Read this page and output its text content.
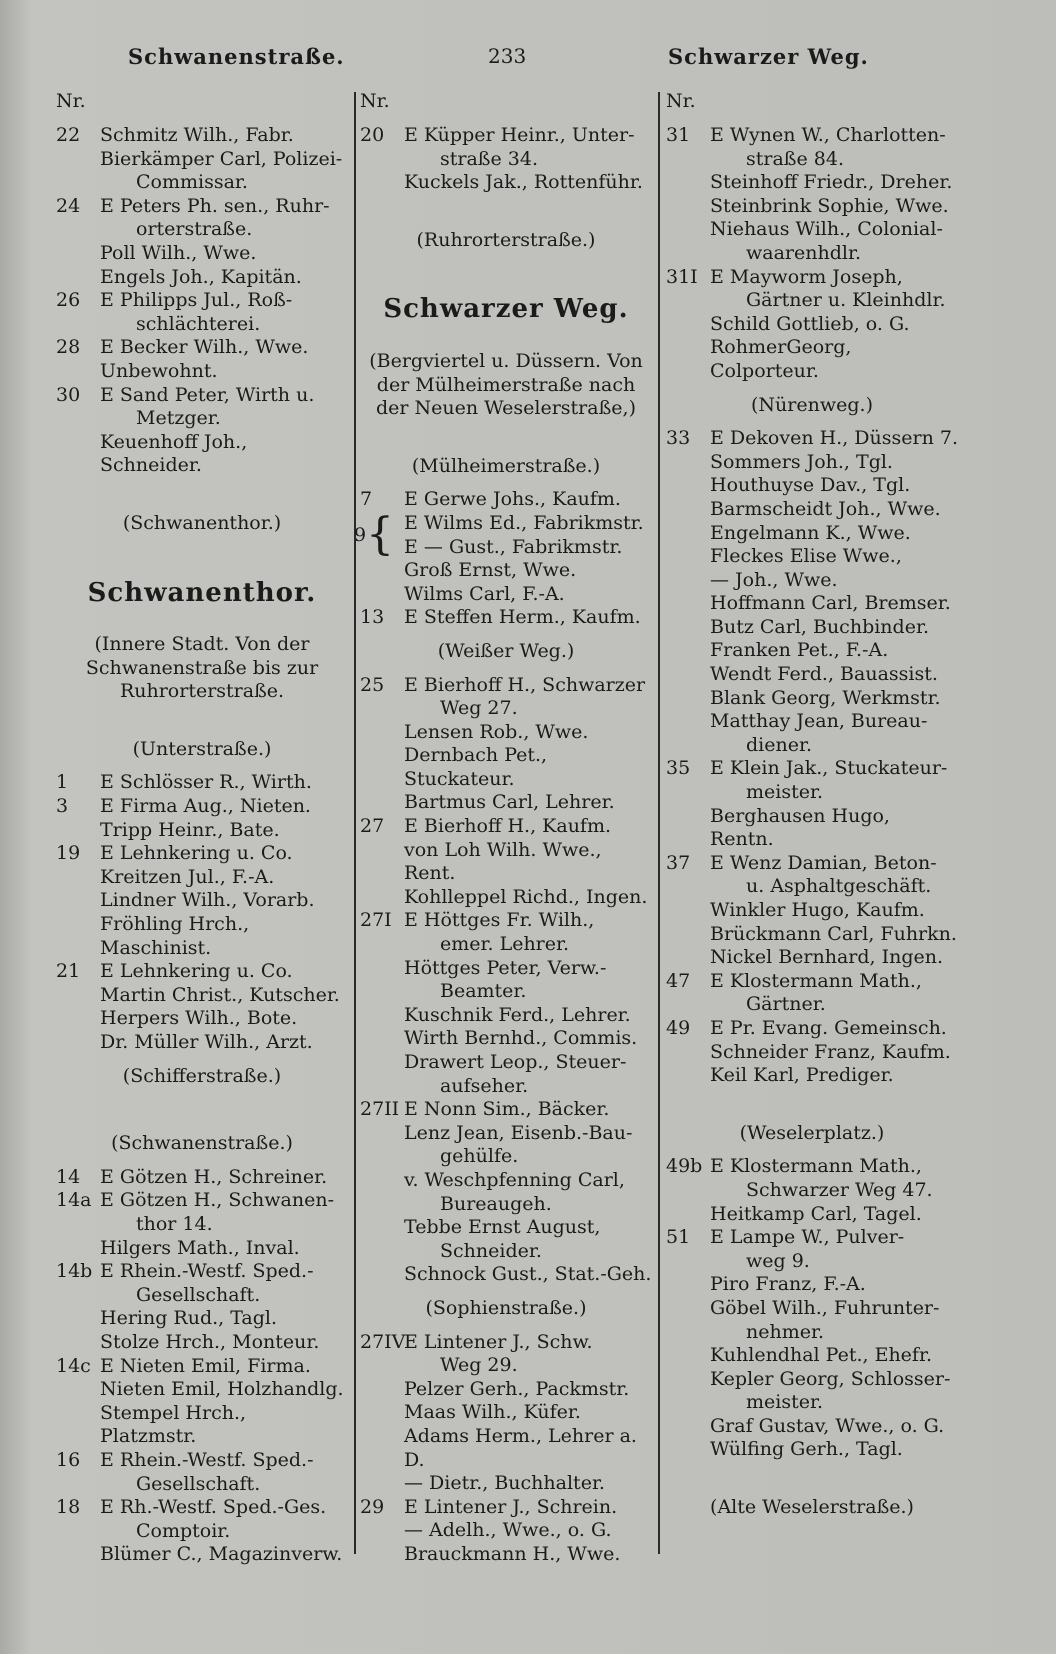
Schwanenstraße.	233	Schwarzer Weg.
Nr.
22 Schmitz Wilh., Fabr.
Bierkämper Carl, Polizei-
Commissar.
24 E Peters Ph. sen., Ruhr-
orterstraße.
Poll Wilh., Wwe.
Engels Joh., Kapitän.
26 E Philipps Jul., Roß-
schlächterei.
28 E Becker Wilh., Wwe.
Unbewohnt.
30 E Sand Peter, Wirth u.
Metzger.
Keuenhoff Joh., Schneider.
(Schwanenthor.)
Schwanenthor.
(Innere Stadt. Von der Schwanenstraße bis zur Ruhrorterstraße.
(Unterstraße.)
1 E Schlösser R., Wirth.
3 E Firma Aug., Nieten.
Tripp Heinr., Bate.
19 E Lehnkering u. Co.
Kreitzen Jul., F.-A.
Lindner Wilh., Vorarb.
Fröhling Hrch., Maschinist.
21 E Lehnkering u. Co.
Martin Christ., Kutscher.
Herpers Wilh., Bote.
Dr. Müller Wilh., Arzt.
(Schifferstraße.)
(Schwanenstraße.)
14 E Götzen H., Schreiner.
14a E Götzen H., Schwanen-
thor 14.
Hilgers Math., Inval.
14b E Rhein.-Westf. Sped.-
Gesellschaft.
Hering Rud., Tagl.
Stolze Hrch., Monteur.
14c E Nieten Emil, Firma.
Nieten Emil, Holzhandlg.
Stempel Hrch., Platzmstr.
16 E Rhein.-Westf. Sped.-
Gesellschaft.
18 E Rh.-Westf. Sped.-Ges.
Comptoir.
Blümer C., Magazinverw.
Nr.
20 E Küpper Heinr., Unter-
straße 34.
Kuckels Jak., Rottenführ.
(Ruhrorterstraße.)
Schwarzer Weg.
(Bergviertel u. Düssern. Von der Mülheimerstraße nach der Neuen Weselerstraße,)
(Mülheimerstraße.)
7 E Gerwe Johs., Kaufm.
9 { E Wilms Ed., Fabrikmstr.
E — Gust., Fabrikmstr.
Groß Ernst, Wwe.
Wilms Carl, F.-A.
13 E Steffen Herm., Kaufm.
(Weißer Weg.)
25 E Bierhoff H., Schwarzer
Weg 27.
Lensen Rob., Wwe.
Dernbach Pet., Stuckateur.
Bartmus Carl, Lehrer.
27 E Bierhoff H., Kaufm.
von Loh Wilh. Wwe., Rent.
Kohlleppel Richd., Ingen.
27I E Höttges Fr. Wilh.,
emer. Lehrer.
Höttges Peter, Verw.-
Beamter.
Kuschnik Ferd., Lehrer.
Wirth Bernhd., Commis.
Drawert Leop., Steuer-
aufseher.
27II E Nonn Sim., Bäcker.
Lenz Jean, Eisenb.-Bau-
gehülfe.
v. Weschpfenning Carl,
Bureaugeh.
Tebbe Ernst August,
Schneider.
Schnock Gust., Stat.-Geh.
(Sophienstraße.)
27IV
E Lintener J., Schw.
Weg 29.
Pelzer Gerh., Packmstr.
Maas Wilh., Küfer.
Adams Herm., Lehrer a. D.
— Dietr., Buchhalter.
29 E Lintener J., Schrein.
— Adelh., Wwe., o. G.
Brauckmann H., Wwe.
Nr.
31 E Wynen W., Charlotten-
straße 84.
Steinhoff Friedr., Dreher.
Steinbrink Sophie, Wwe.
Niehaus Wilh., Colonial-
waarenhdlr.
31I E Mayworm Joseph,
Gärtner u. Kleinhdlr.
Schild Gottlieb, o. G.
RohmerGeorg, Colporteur.
(Nürenweg.)
33 E Dekoven H., Düssern 7.
Sommers Joh., Tgl.
Houthuyse Dav., Tgl.
Barmscheidt Joh., Wwe.
Engelmann K., Wwe.
Fleckes Elise Wwe.,
— Joh., Wwe.
Hoffmann Carl, Bremser.
Butz Carl, Buchbinder.
Franken Pet., F.-A.
Wendt Ferd., Bauassist.
Blank Georg, Werkmstr.
Matthay Jean, Bureau-
diener.
35 E Klein Jak., Stuckateur-
meister.
Berghausen Hugo, Rentn.
37 E Wenz Damian, Beton-
u. Asphaltgeschäft.
Winkler Hugo, Kaufm.
Brückmann Carl, Fuhrkn.
Nickel Bernhard, Ingen.
47 E Klostermann Math.,
Gärtner.
49 E Pr. Evang. Gemeinsch.
Schneider Franz, Kaufm.
Keil Karl, Prediger.
(Weselerplatz.)
49b E Klostermann Math.,
Schwarzer Weg 47.
Heitkamp Carl, Tagel.
51 E Lampe W., Pulver-
weg 9.
Piro Franz, F.-A.
Göbel Wilh., Fuhrunter-
nehmer.
Kuhlendhal Pet., Ehefr.
Kepler Georg, Schlosser-
meister.
Graf Gustav, Wwe., o. G.
Wülfing Gerh., Tagl.
(Alte Weselerstraße.)
